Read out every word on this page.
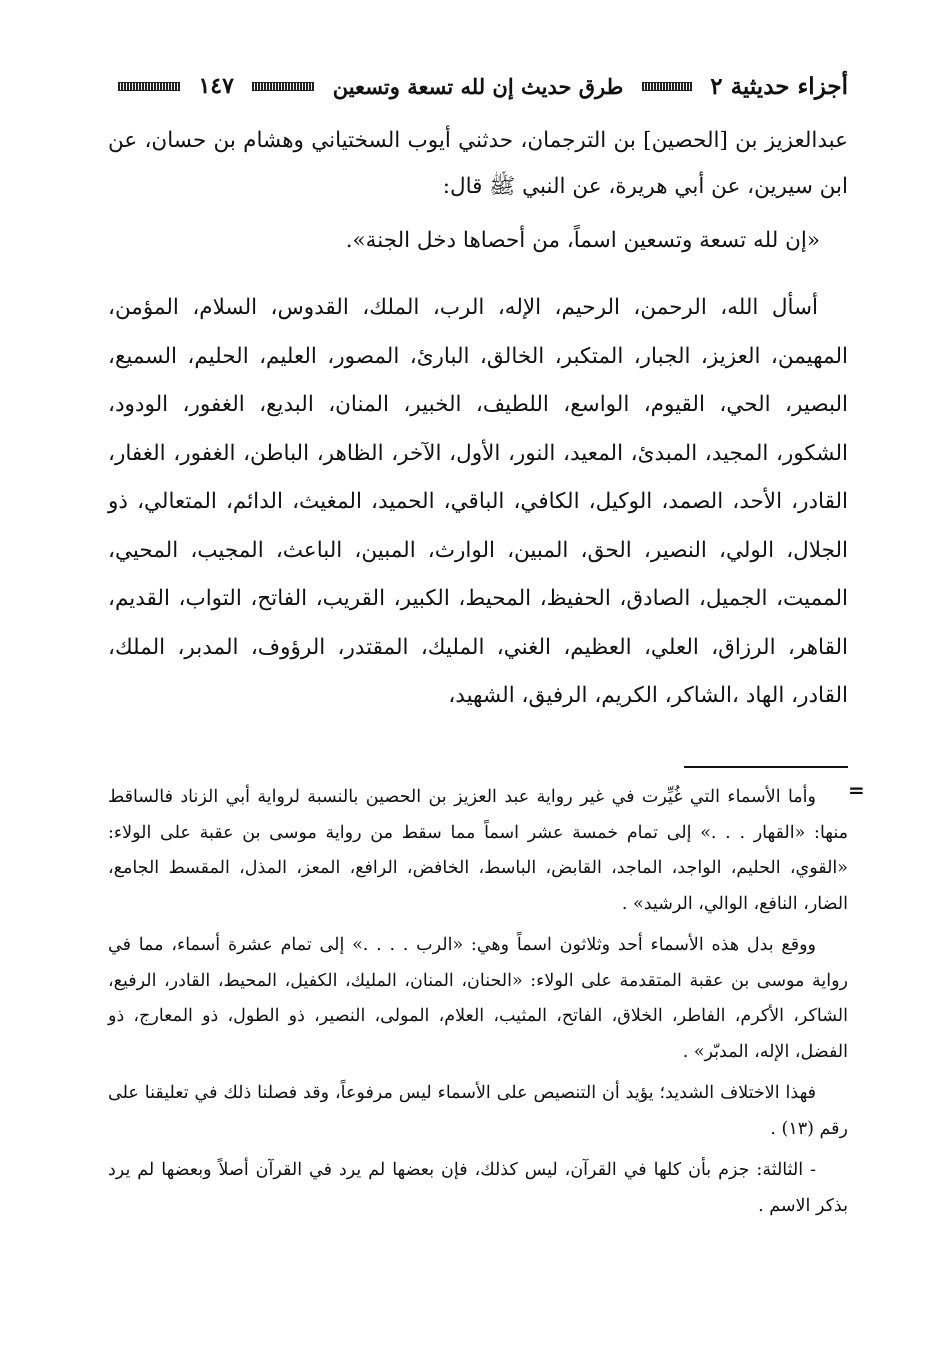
أجزاء حديثية ٢
طرق حديث إن لله تسعة وتسعين
١٤٧

عبدالعزيز بن [الحصين] بن الترجمان، حدثني أيوب السختياني وهشام بن حسان، عن ابن سيرين، عن أبي هريرة، عن النبي ﷺ قال:

«إن لله تسعة وتسعين اسماً، من أحصاها دخل الجنة».

أسأل الله، الرحمن، الرحيم، الإله، الرب، الملك، القدوس، السلام، المؤمن، المهيمن، العزيز، الجبار، المتكبر، الخالق، البارئ، المصور، العليم، الحليم، السميع، البصير، الحي، القيوم، الواسع، اللطيف، الخبير، المنان، البديع، الغفور، الودود، الشكور، المجيد، المبدئ، المعيد، النور، الأول، الآخر، الظاهر، الباطن، الغفور، الغفار، القادر، الأحد، الصمد، الوكيل، الكافي، الباقي، الحميد، المغيث، الدائم، المتعالي، ذو الجلال، الولي، النصير، الحق، المبين، الوارث، المبين، الباعث، المجيب، المحيي، المميت، الجميل، الصادق، الحفيظ، المحيط، الكبير، القريب، الفاتح، التواب، القديم، القاهر، الرزاق، العلي، العظيم، الغني، المليك، المقتدر، الرؤوف، المدبر، الملك، القادر، الهاد ،الشاكر، الكريم، الرفيق، الشهيد،

=

وأما الأسماء التي غُيِّرت في غير رواية عبد العزيز بن الحصين بالنسبة لرواية أبي الزناد فالساقط منها: «القهار . . .» إلى تمام خمسة عشر اسماً مما سقط من رواية موسى بن عقبة على الولاء: «القوي، الحليم، الواجد، الماجد، القابض، الباسط، الخافض، الرافع، المعز، المذل، المقسط الجامع، الضار، النافع، الوالي، الرشيد» .

ووقع بدل هذه الأسماء أحد وثلاثون اسماً وهي: «الرب . . . .» إلى تمام عشرة أسماء، مما في رواية موسى بن عقبة المتقدمة على الولاء: «الحنان، المنان، المليك، الكفيل، المحيط، القادر، الرفيع، الشاكر، الأكرم، الفاطر، الخلاق، الفاتح، المثيب، العلام، المولى، النصير، ذو الطول، ذو المعارج، ذو الفضل، الإله، المدبّر» .

فهذا الاختلاف الشديد؛ يؤيد أن التنصيص على الأسماء ليس مرفوعاً، وقد فصلنا ذلك في تعليقنا على رقم (١٣) .

- الثالثة: جزم بأن كلها في القرآن، ليس كذلك، فإن بعضها لم يرد في القرآن أصلاً وبعضها لم يرد بذكر الاسم .
